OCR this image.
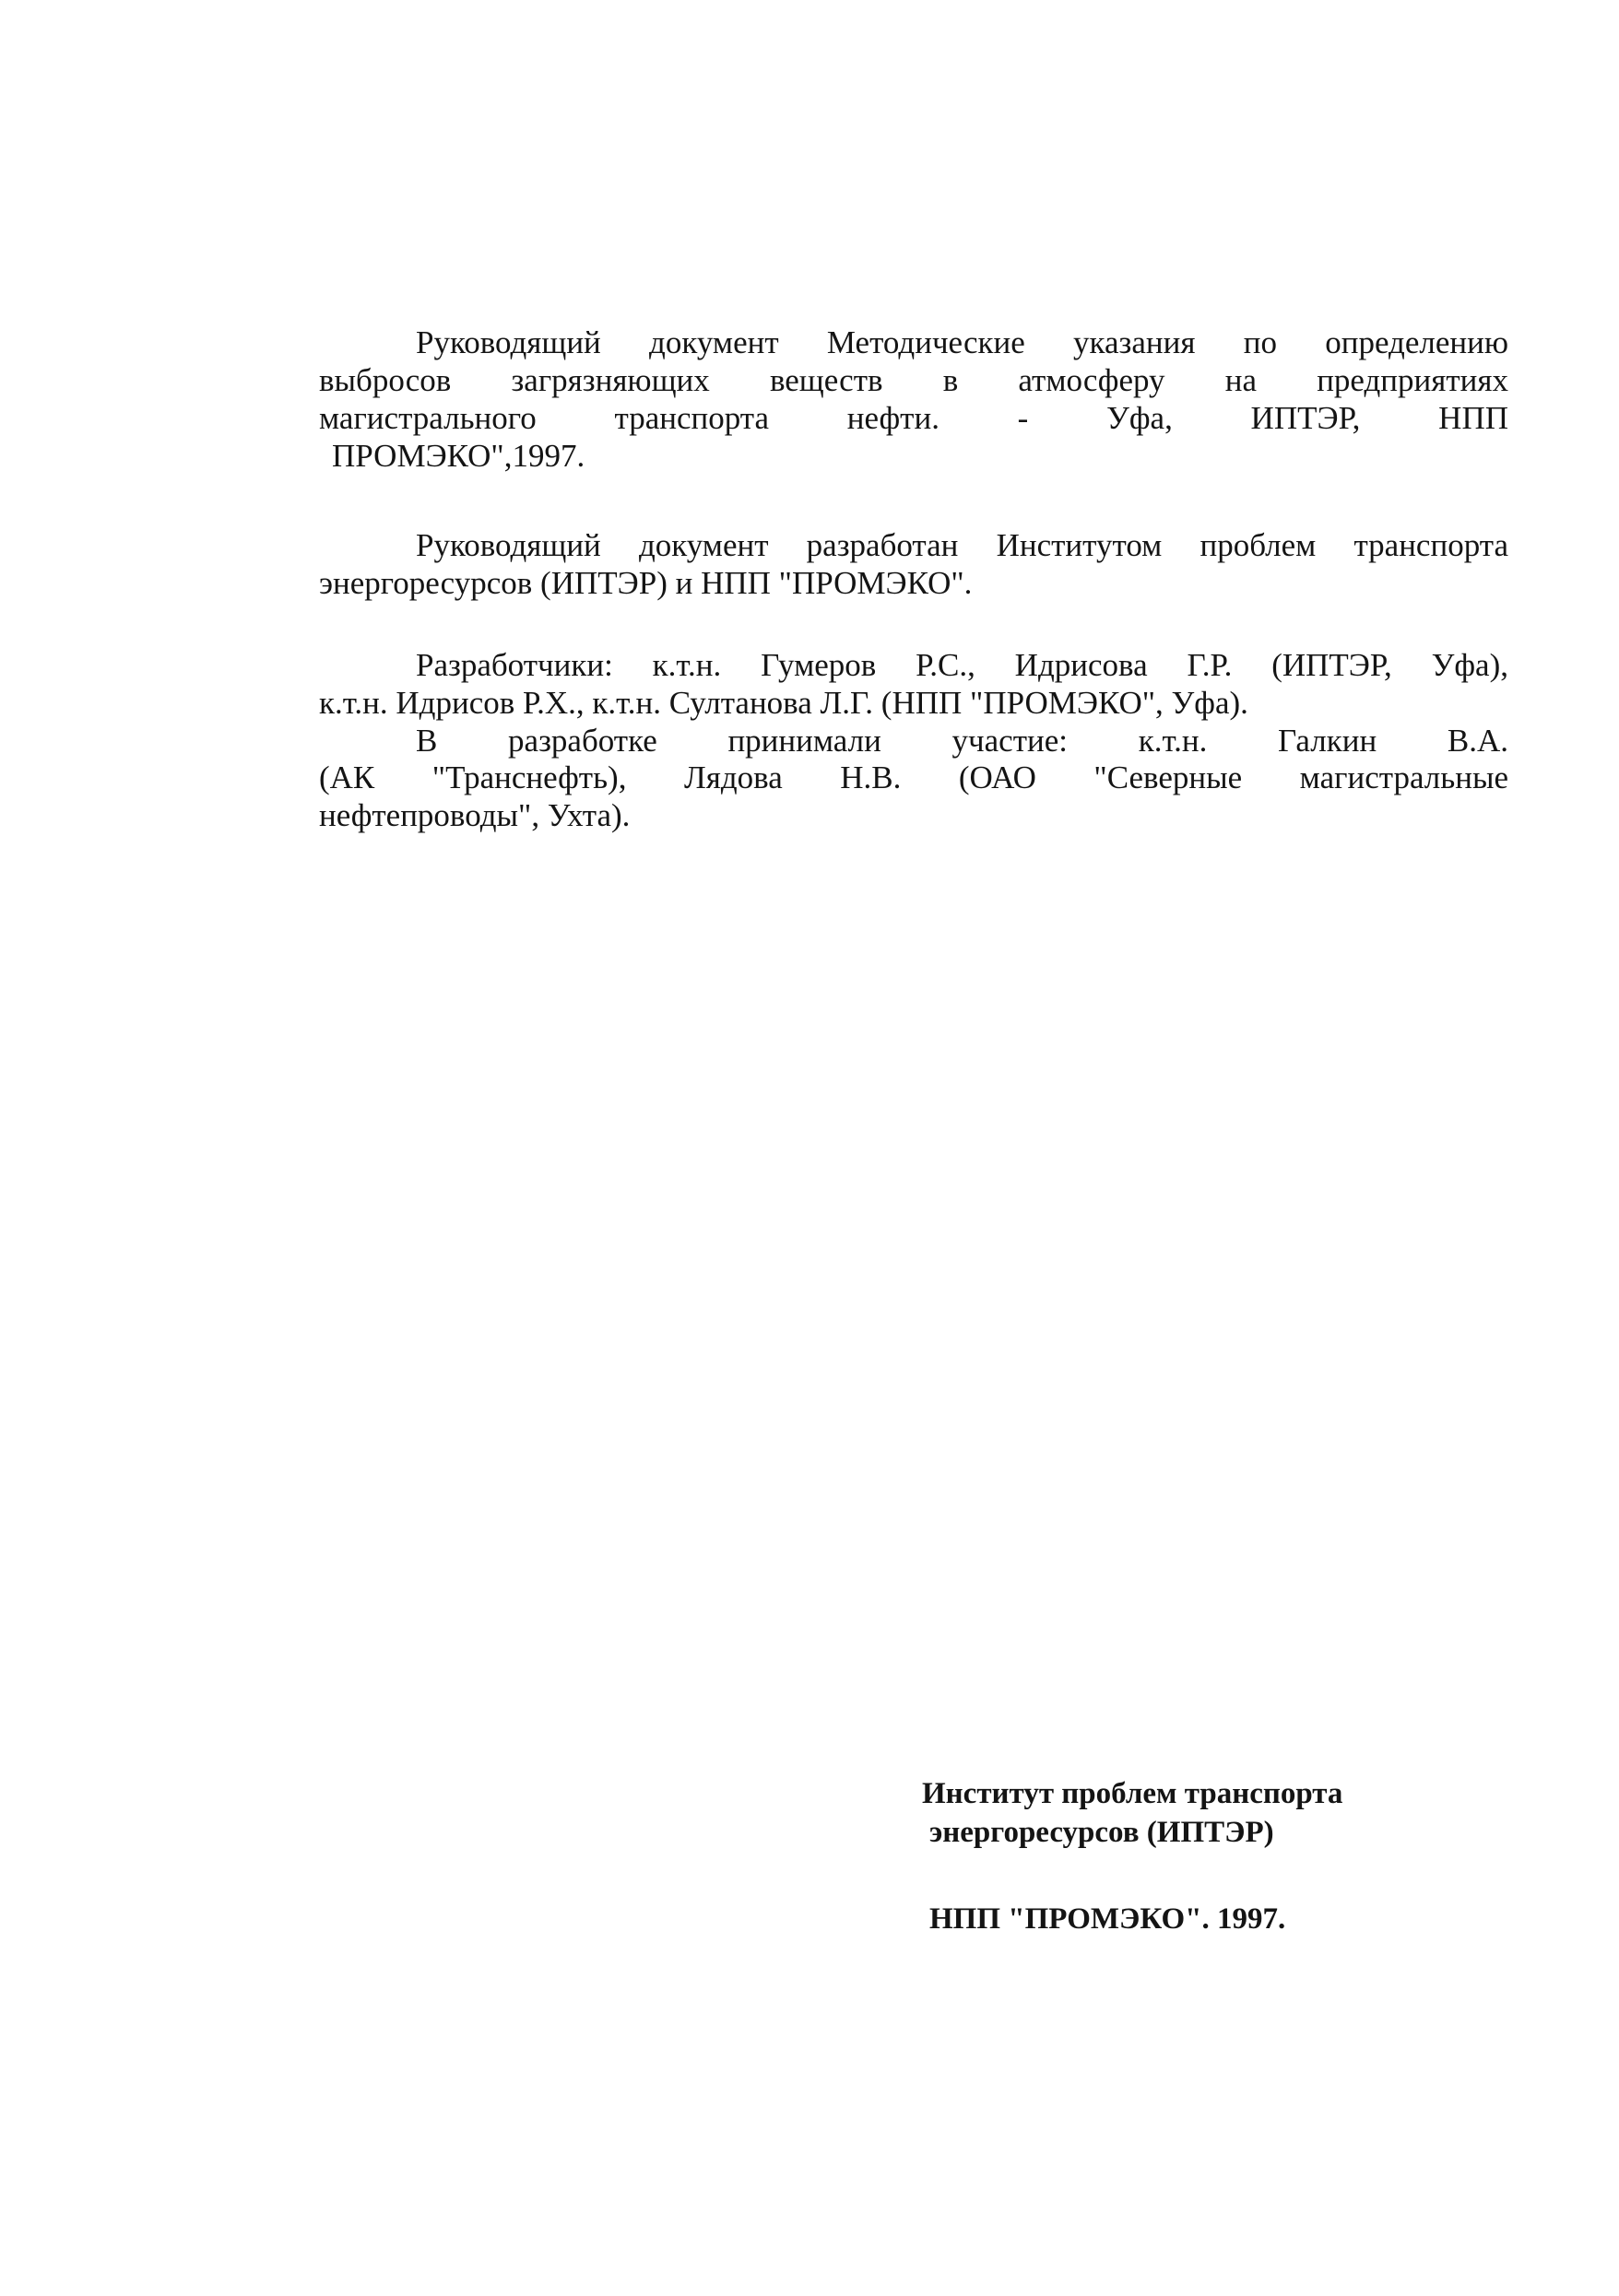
Руководящий документ Методические указания по определению
выбросов загрязняющих веществ в атмосферу на предприятиях
магистрального транспорта нефти. - Уфа, ИПТЭР, НПП
ПРОМЭКО",1997.
Руководящий документ разработан Институтом проблем транспорта
энергоресурсов (ИПТЭР) и НПП "ПРОМЭКО".
Разработчики: к.т.н. Гумеров Р.С., Идрисова Г.Р. (ИПТЭР, Уфа),
к.т.н. Идрисов Р.Х., к.т.н. Султанова Л.Г. (НПП "ПРОМЭКО", Уфа).
В разработке принимали участие: к.т.н. Галкин В.А.
(АК "Транснефть), Лядова Н.В. (ОАО "Северные магистральные
нефтепроводы", Ухта).
Институт проблем транспорта
энергоресурсов (ИПТЭР)
НПП "ПРОМЭКО". 1997.
